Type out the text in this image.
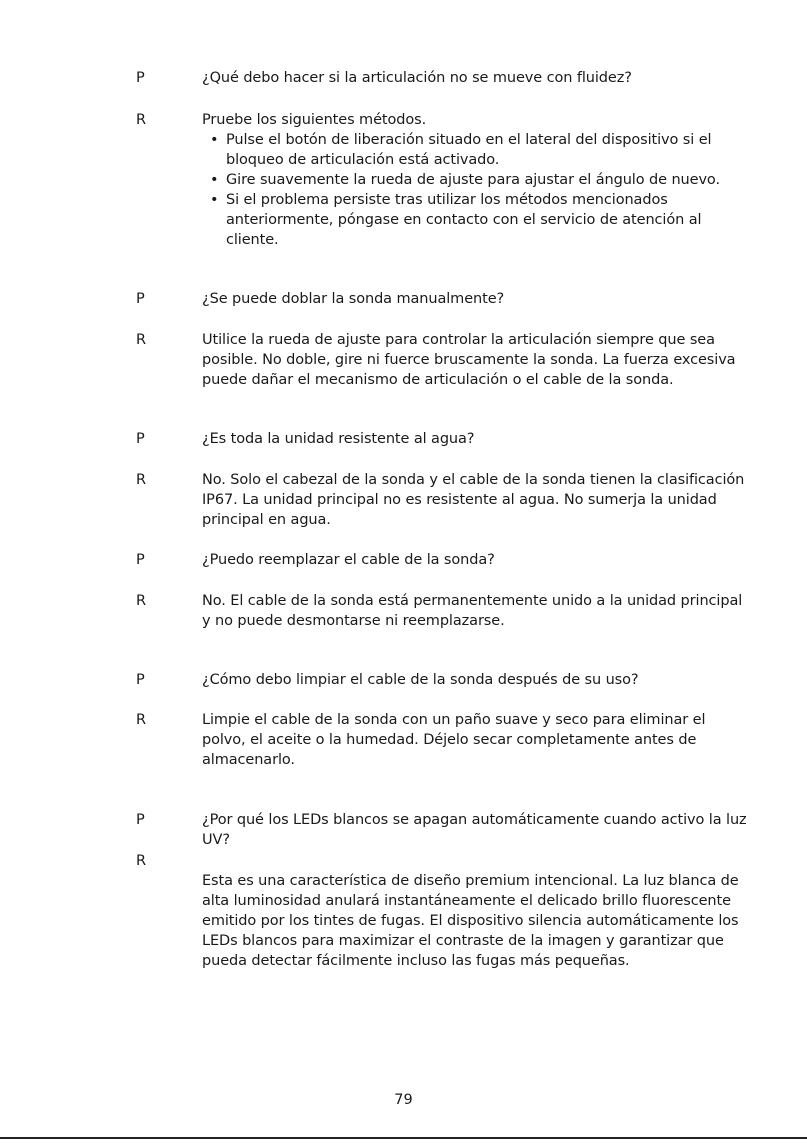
P	¿Qué debo hacer si la articulación no se mueve con fluidez?
R	Pruebe los siguientes métodos.

• Pulse el botón de liberación situado en el lateral del dispositivo si el bloqueo de articulación está activado.
• Gire suavemente la rueda de ajuste para ajustar el ángulo de nuevo.
• Si el problema persiste tras utilizar los métodos mencionados anteriormente, póngase en contacto con el servicio de atención al cliente.
P	¿Se puede doblar la sonda manualmente?
R	Utilice la rueda de ajuste para controlar la articulación siempre que sea posible. No doble, gire ni fuerce bruscamente la sonda. La fuerza excesiva puede dañar el mecanismo de articulación o el cable de la sonda.
P	¿Es toda la unidad resistente al agua?
R	No. Solo el cabezal de la sonda y el cable de la sonda tienen la clasificación IP67. La unidad principal no es resistente al agua. No sumerja la unidad principal en agua.
P	¿Puedo reemplazar el cable de la sonda?
R	No. El cable de la sonda está permanentemente unido a la unidad principal y no puede desmontarse ni reemplazarse.
P	¿Cómo debo limpiar el cable de la sonda después de su uso?
R	Limpie el cable de la sonda con un paño suave y seco para eliminar el polvo, el aceite o la humedad. Déjelo secar completamente antes de almacenarlo.
P	¿Por qué los LEDs blancos se apagan automáticamente cuando activo la luz UV?
R
Esta es una característica de diseño premium intencional. La luz blanca de alta luminosidad anulará instantáneamente el delicado brillo fluorescente emitido por los tintes de fugas. El dispositivo silencia automáticamente los LEDs blancos para maximizar el contraste de la imagen y garantizar que pueda detectar fácilmente incluso las fugas más pequeñas.
79
